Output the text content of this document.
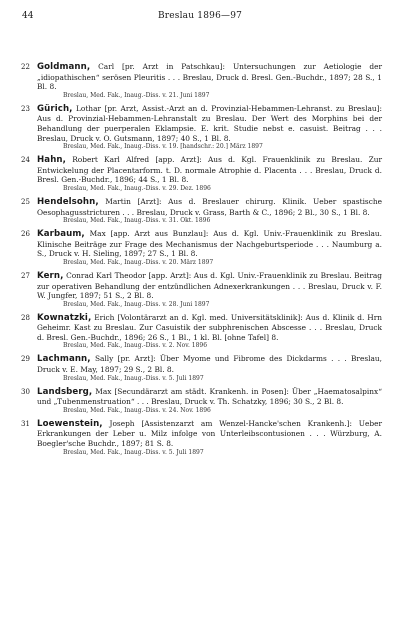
44	Breslau 1896—97
22 Goldmann, Carl [pr. Arzt in Patschkau]: Untersuchungen zur Aetiologie der „idiopathischen“ serösen Pleuritis . . . Breslau, Druck d. Bresl. Gen.-Buchdr., 1897; 28 S., 1 Bl. 8.
Breslau, Med. Fak., Inaug.-Diss. v. 21. Juni 1897
23 Gürich, Lothar [pr. Arzt, Assist.-Arzt an d. Provinzial-Hebammen-Lehranst. zu Breslau]: Aus d. Provinzial-Hebammen-Lehranstalt zu Breslau. Der Wert des Morphins bei der Behandlung der puerperalen Eklampsie. E. krit. Studie nebst e. casuist. Beitrag . . . Breslau, Druck v. O. Gutsmann, 1897; 40 S., 1 Bl. 8.
Breslau, Med. Fak., Inaug.-Diss. v. 19. [handschr.: 20.] März 1897
24 Hahn, Robert Karl Alfred [app. Arzt]: Aus d. Kgl. Frauenklinik zu Breslau. Zur Entwickelung der Placentarform. t. D. normale Atrophie d. Placenta . . . Breslau, Druck d. Bresl. Gen.-Buchdr., 1896; 44 S., 1 Bl. 8.
Breslau, Med. Fak., Inaug.-Diss. v. 29. Dez. 1896
25 Hendelsohn, Martin [Arzt]: Aus d. Breslauer chirurg. Klinik. Ueber spastische Oesophagusstricturen . . . Breslau, Druck v. Grass, Barth & C., 1896; 2 Bl., 30 S., 1 Bl. 8.
Breslau, Med. Fak., Inaug.-Diss. v. 31. Okt. 1896
26 Karbaum, Max [app. Arzt aus Bunzlau]: Aus d. Kgl. Univ.-Frauenklinik zu Breslau. Klinische Beiträge zur Frage des Mechanismus der Nachgeburtsperiode . . . Naumburg a. S., Druck v. H. Sieling, 1897; 27 S., 1 Bl. 8.
Breslau, Med. Fak., Inaug.-Diss. v. 20. März 1897
27 Kern, Conrad Karl Theodor [app. Arzt]: Aus d. Kgl. Univ.-Frauenklinik zu Breslau. Beitrag zur operativen Behandlung der entzündlichen Adnexerkrankungen . . . Breslau, Druck v. F. W. Jungfer, 1897; 51 S., 2 Bl. 8.
Breslau, Med. Fak., Inaug.-Diss. v. 28. Juni 1897
28 Kownatzki, Erich [Volontärarzt an d. Kgl. med. Universitätsklinik]: Aus d. Klinik d. Hrn Geheimr. Kast zu Breslau. Zur Casuistik der subphrenischen Abscesse . . . Breslau, Druck d. Bresl. Gen.-Buchdr., 1896; 26 S., 1 Bl., 1 kl. Bl. [ohne Tafel] 8.
Breslau, Med. Fak., Inaug.-Diss. v. 2. Nov. 1896
29 Lachmann, Sally [pr. Arzt]: Über Myome und Fibrome des Dickdarms . . . Breslau, Druck v. E. May, 1897; 29 S., 2 Bl. 8.
Breslau, Med. Fak., Inaug.-Diss. v. 5. Juli 1897
30 Landsberg, Max [Secundärarzt am städt. Krankenh. in Posen]: Über „Haematosalpinx“ und „Tubenmenstruation“ . . . Breslau, Druck v. Th. Schatzky, 1896; 30 S., 2 Bl. 8.
Breslau, Med. Fak., Inaug.-Diss. v. 24. Nov. 1896
31 Loewenstein, Joseph [Assistenzarzt am Wenzel-Hancke'schen Krankenh.]: Ueber Erkrankungen der Leber u. Milz infolge von Unterleibscontusionen . . . Würzburg, A. Boegler'sche Buchdr., 1897; 81 S. 8.
Breslau, Med. Fak., Inaug.-Diss. v. 5. Juli 1897
